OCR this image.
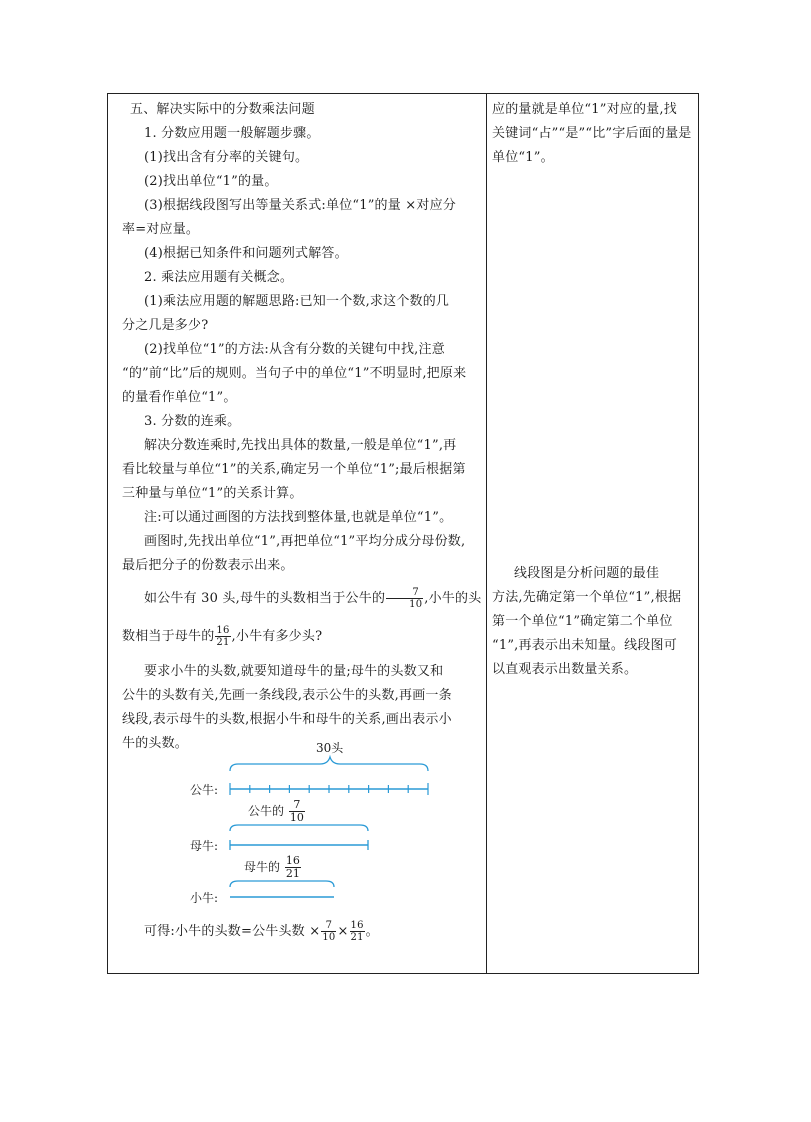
五、解决实际中的分数乘法问题
1. 分数应用题一般解题步骤。
(1)找出含有分率的关键句。
(2)找出单位“1”的量。
(3)根据线段图写出等量关系式:单位“1”的量 ×对应分
率=对应量。
(4)根据已知条件和问题列式解答。
2. 乘法应用题有关概念。
(1)乘法应用题的解题思路:已知一个数,求这个数的几
分之几是多少?
(2)找单位“1”的方法:从含有分数的关键句中找,注意
“的”前“比”后的规则。当句子中的单位“1”不明显时,把原来
的量看作单位“1”。
3. 分数的连乘。
解决分数连乘时,先找出具体的数量,一般是单位“1”,再
看比较量与单位“1”的关系,确定另一个单位“1”;最后根据第
三种量与单位“1”的关系计算。
注:可以通过画图的方法找到整体量,也就是单位“1”。
画图时,先找出单位“1”,再把单位“1”平均分成分母份数,
最后把分子的份数表示出来。
如公牛有 30 头,母牛的头数相当于公牛的 $\frac{7}{10}$ ,小牛的头
数相当于母牛的 $\frac{16}{21}$ ,小牛有多少头?
要求小牛的头数,就要知道母牛的量;母牛的头数又和
公牛的头数有关,先画一条线段,表示公牛的头数,再画一条
线段,表示母牛的头数,根据小牛和母牛的关系,画出表示小
牛的头数。	30头
公牛:
公牛的 $\frac{7}{10}$
母牛:
母牛的 $\frac{16}{21}$
小牛:
可得:小牛的头数=公牛头数 × $\frac{7}{10} \times \frac{16}{21}$ 。
应的量就是单位“1”对应的量,找
关键词“占”“是”“比”字后面的量是
单位“1”。
线段图是分析问题的最佳
方法,先确定第一个单位“1”,根据
第一个单位“1”确定第二个单位
“1”,再表示出未知量。线段图可
以直观表示出数量关系。
